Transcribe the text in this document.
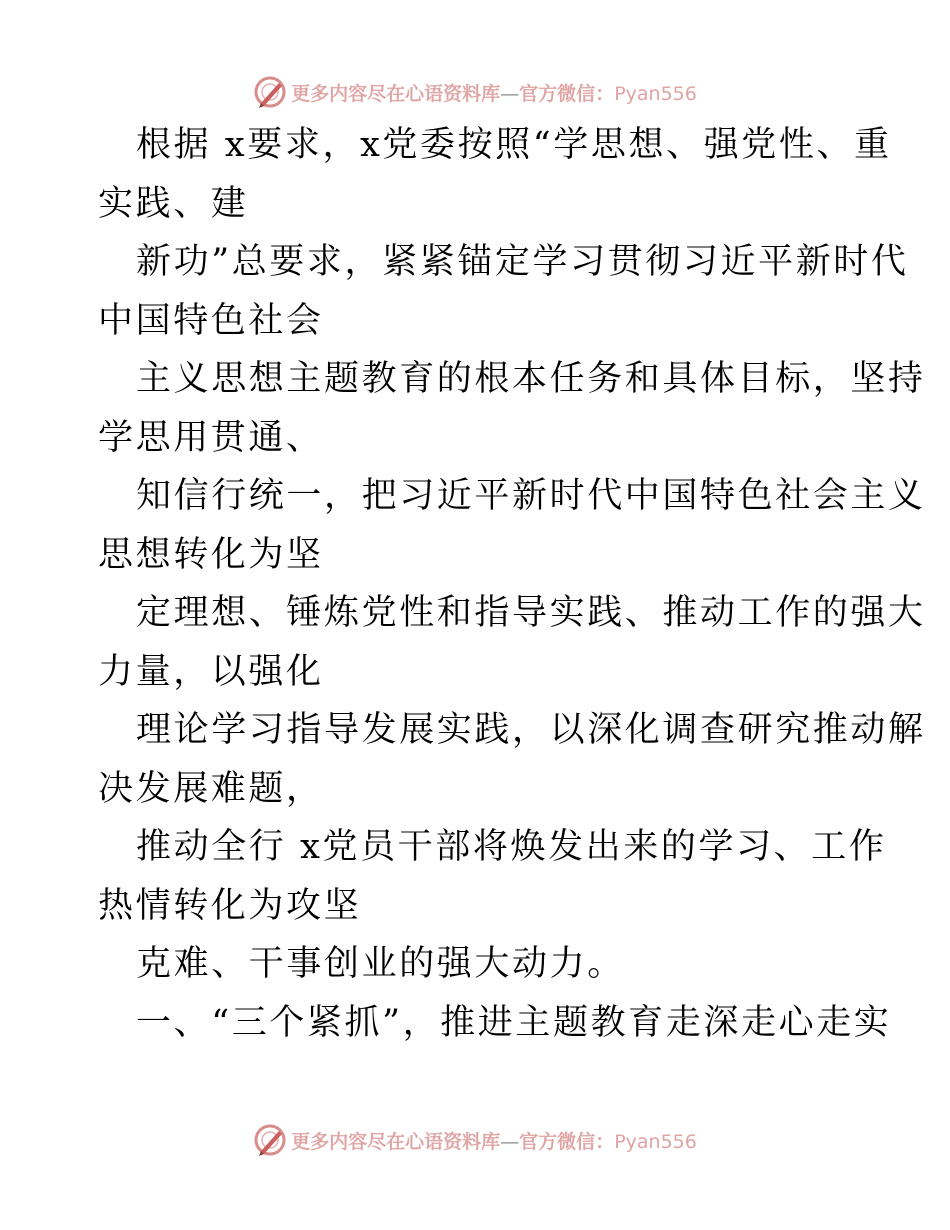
更多内容尽在心语资料库—官方微信：Pyan556
根据 x要求，x党委按照“学思想、强党性、重
实践、建
新功”总要求，紧紧锚定学习贯彻习近平新时代
中国特色社会
主义思想主题教育的根本任务和具体目标，坚持
学思用贯通、
知信行统一，把习近平新时代中国特色社会主义
思想转化为坚
定理想、锤炼党性和指导实践、推动工作的强大
力量，以强化
理论学习指导发展实践，以深化调查研究推动解
决发展难题，
推动全行 x党员干部将焕发出来的学习、工作
热情转化为攻坚
克难、干事创业的强大动力。
一、“三个紧抓”，推进主题教育走深走心走实
更多内容尽在心语资料库—官方微信：Pyan556
